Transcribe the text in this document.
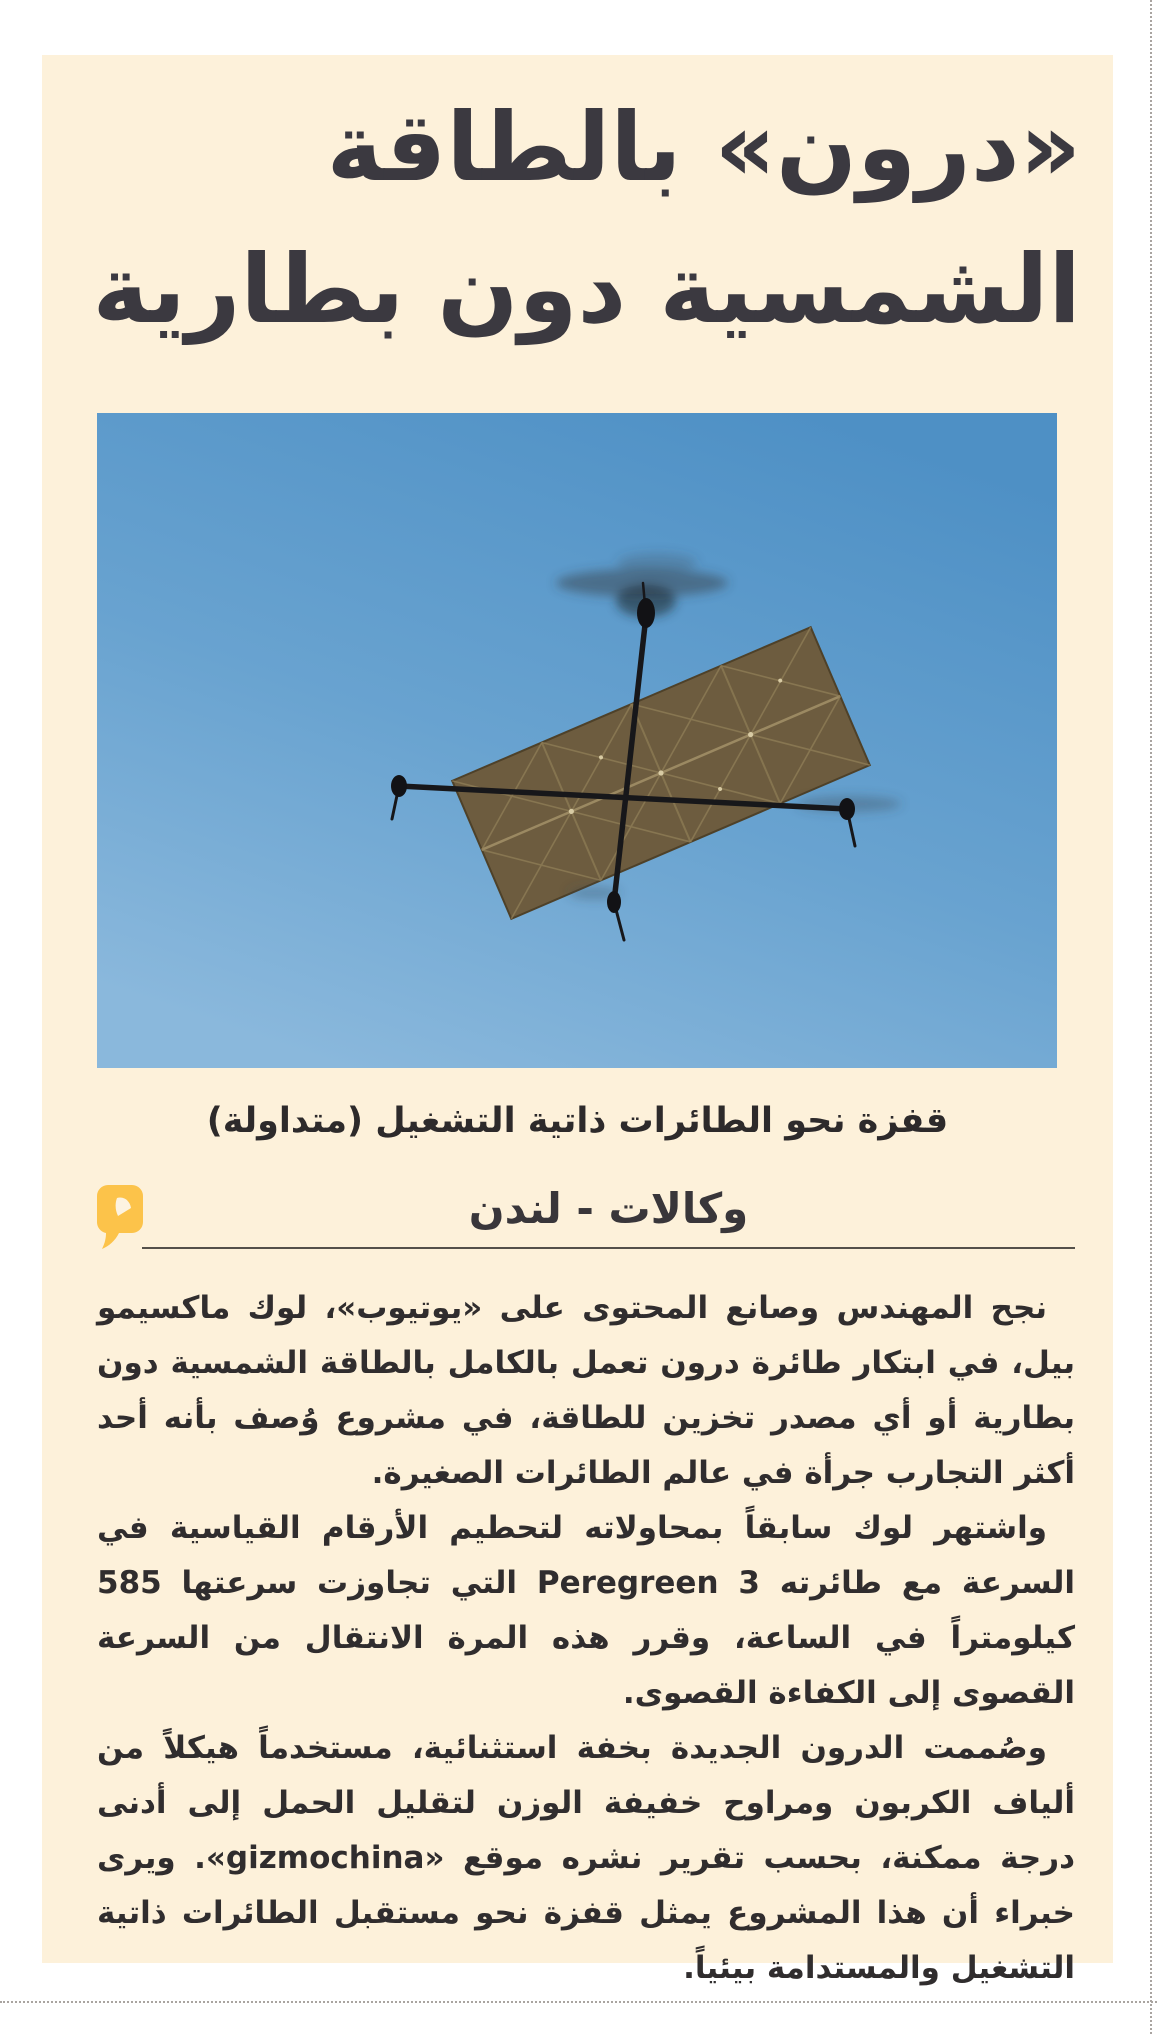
«درون» بالطاقة
الشمسية دون بطارية

قفزة نحو الطائرات ذاتية التشغيل (متداولة)

وكالات - لندن

نجح المهندس وصانع المحتوى على «يوتيوب»، لوك ماكسيمو بيل، في ابتكار طائرة درون تعمل بالكامل بالطاقة الشمسية دون بطارية أو أي مصدر تخزين للطاقة، في مشروع وُصف بأنه أحد أكثر التجارب جرأة في عالم الطائرات الصغيرة.

واشتهر لوك سابقاً بمحاولاته لتحطيم الأرقام القياسية في السرعة مع طائرته Peregreen 3 التي تجاوزت سرعتها 585 كيلومتراً في الساعة، وقرر هذه المرة الانتقال من السرعة القصوى إلى الكفاءة القصوى.

وصُممت الدرون الجديدة بخفة استثنائية، مستخدماً هيكلاً من ألياف الكربون ومراوح خفيفة الوزن لتقليل الحمل إلى أدنى درجة ممكنة، بحسب تقرير نشره موقع «gizmochina». ويرى خبراء أن هذا المشروع يمثل قفزة نحو مستقبل الطائرات ذاتية التشغيل والمستدامة بيئياً.
